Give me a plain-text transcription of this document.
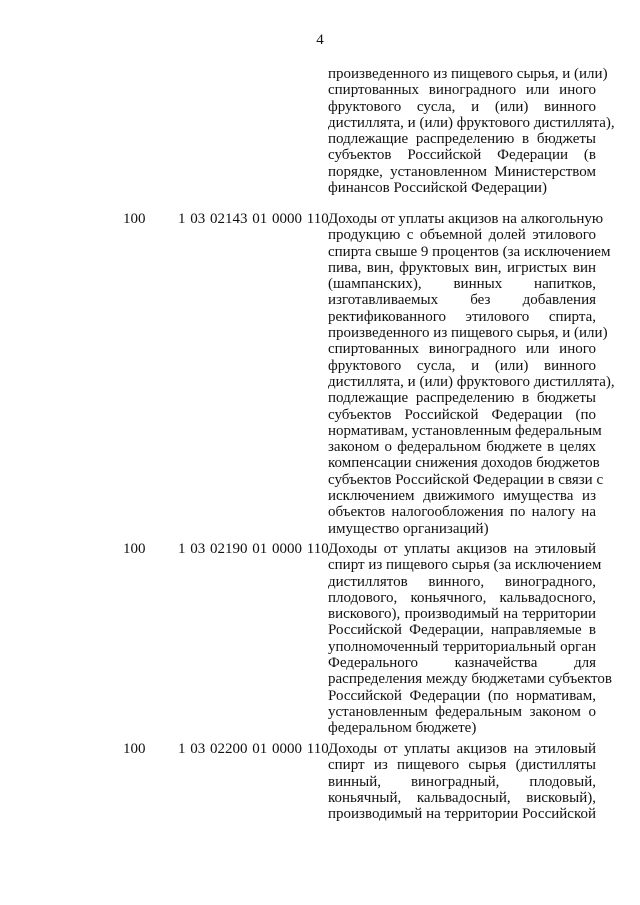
4
произведенного из пищевого сырья, и (или)
спиртованных виноградного или иного
фруктового сусла, и (или) винного
дистиллята, и (или) фруктового дистиллята),
подлежащие распределению в бюджеты
субъектов Российской Федерации (в
порядке, установленном Министерством
финансов Российской Федерации)
100 1 03 02143 01 0000 110 Доходы от уплаты акцизов на алкогольную
продукцию с объемной долей этилового
спирта свыше 9 процентов (за исключением
пива, вин, фруктовых вин, игристых вин
(шампанских), винных напитков,
изготавливаемых без добавления
ректификованного этилового спирта,
произведенного из пищевого сырья, и (или)
спиртованных виноградного или иного
фруктового сусла, и (или) винного
дистиллята, и (или) фруктового дистиллята),
подлежащие распределению в бюджеты
субъектов Российской Федерации (по
нормативам, установленным федеральным
законом о федеральном бюджете в целях
компенсации снижения доходов бюджетов
субъектов Российской Федерации в связи с
исключением движимого имущества из
объектов налогообложения по налогу на
имущество организаций)
100 1 03 02190 01 0000 110 Доходы от уплаты акцизов на этиловый
спирт из пищевого сырья (за исключением
дистиллятов винного, виноградного,
плодового, коньячного, кальвадосного,
вискового), производимый на территории
Российской Федерации, направляемые в
уполномоченный территориальный орган
Федерального казначейства для
распределения между бюджетами субъектов
Российской Федерации (по нормативам,
установленным федеральным законом о
федеральном бюджете)
100 1 03 02200 01 0000 110 Доходы от уплаты акцизов на этиловый
спирт из пищевого сырья (дистилляты
винный, виноградный, плодовый,
коньячный, кальвадосный, висковый),
производимый на территории Российской
